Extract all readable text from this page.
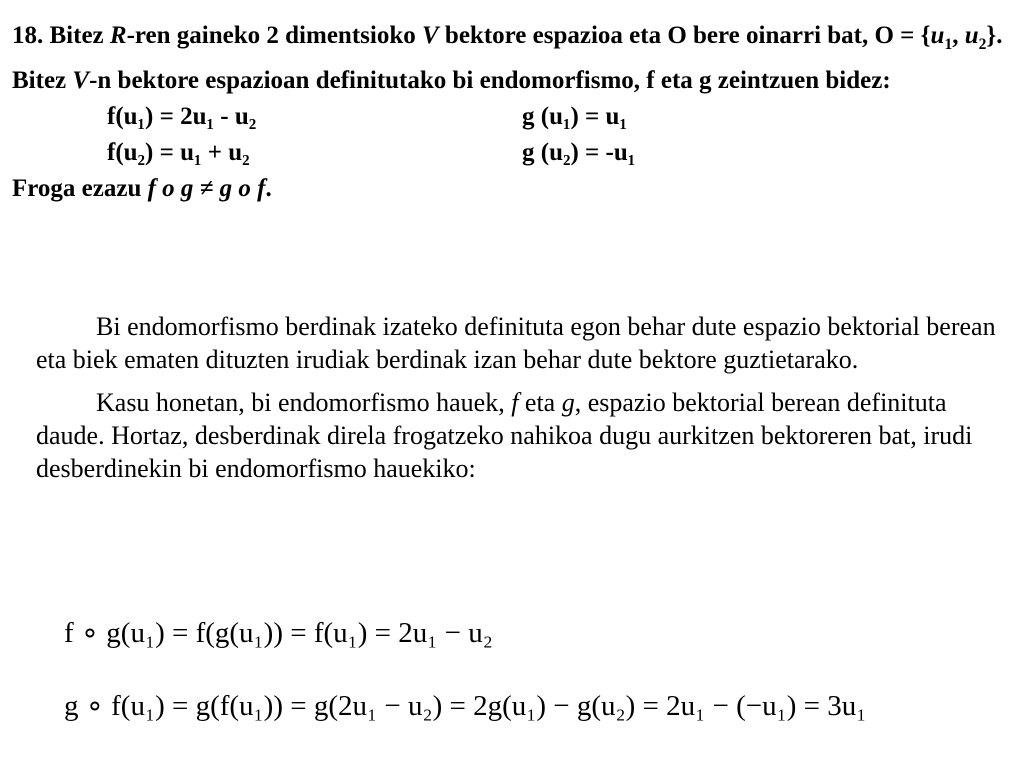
18. Bitez R-ren gaineko 2 dimentsioko V bektore espazioa eta O bere oinarri bat, $O = \{u_1$, $u_2$}. Bitez V-n bektore espazioan definitutako bi endomorfismo, f eta g zeintzuen bidez:

f(u₁) = 2u₁ - u₂	g (u₁) = u₁
f(u₂) = u₁ + u₂	g (u₂) = -u₁

Froga ezazu f o g ≠ g o f.

Bi endomorfismo berdinak izateko definituta egon behar dute espazio bektorial berean eta biek ematen dituzten irudiak berdinak izan behar dute bektore guztietarako.

Kasu honetan, bi endomorfismo hauek, f eta g, espazio bektorial berean definituta daude. Hortaz, desberdinak direla frogatzeko nahikoa dugu aurkitzen bektoreren bat, irudi desberdinekin bi endomorfismo hauekiko:

f ∘ g(u₁) = f(g(u₁)) = f(u₁) = 2u₁ − u₂
g ∘ f(u₁) = g(f(u₁)) = g(2u₁ − u₂) = 2g(u₁) − g(u₂) = 2u₁ − (−u₁) = 3u₁
